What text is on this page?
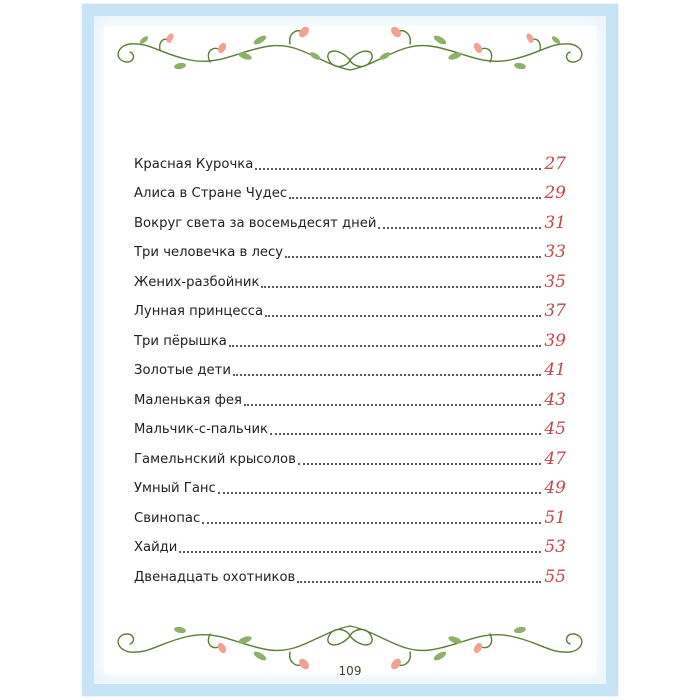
Красная Курочка	27
Алиса в Стране Чудес	29
Вокруг света за восемьдесят дней	31
Три человечка в лесу	33
Жених-разбойник	35
Лунная принцесса	37
Три пёрышка	39
Золотые дети	41
Маленькая фея	43
Мальчик-с-пальчик	45
Гамельнский крысолов	47
Умный Ганс	49
Свинопас	51
Хайди	53
Двенадцать охотников	55
109
